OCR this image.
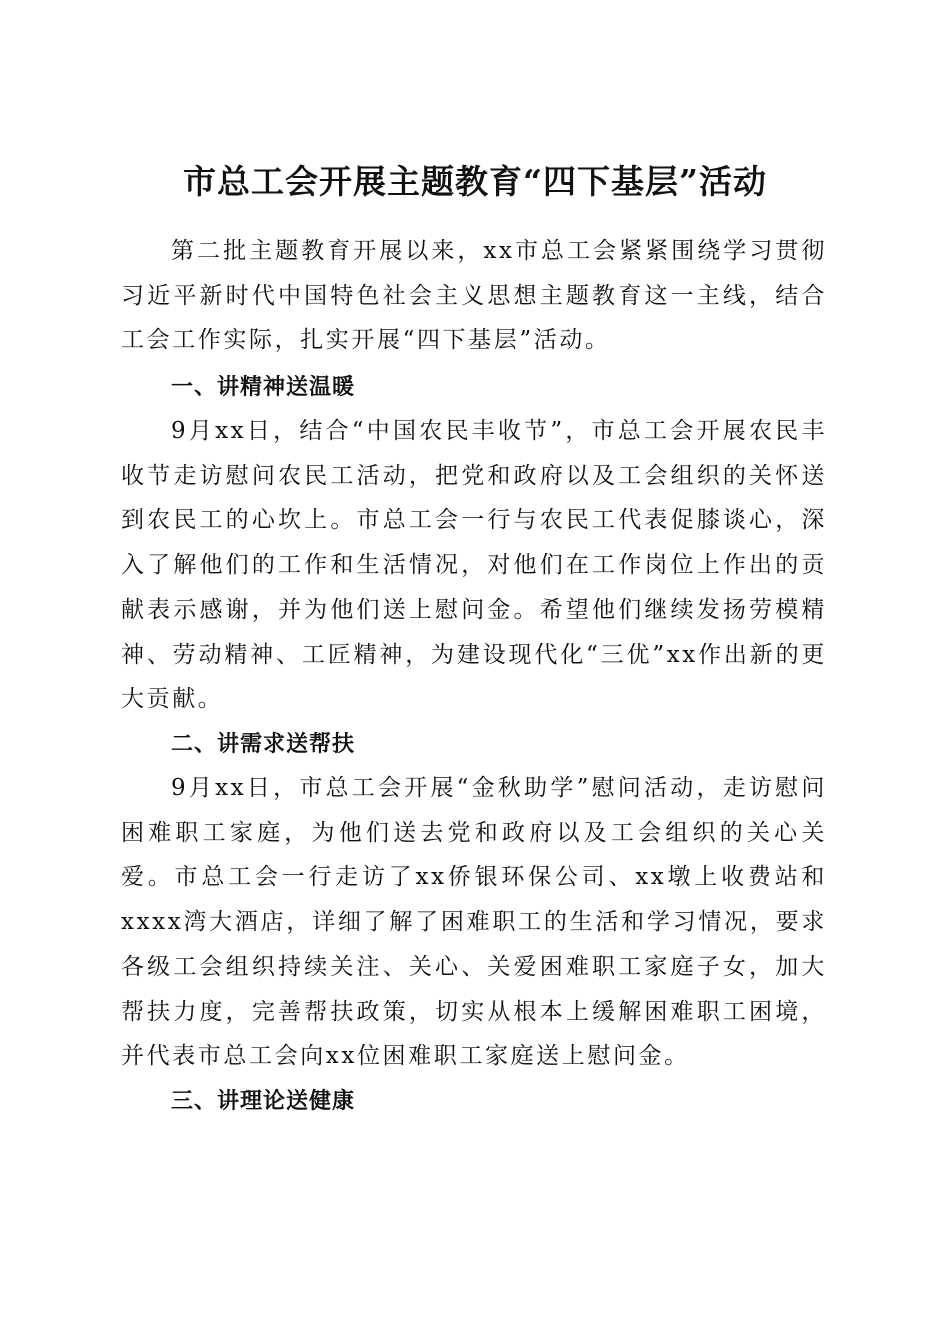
市总工会开展主题教育“四下基层”活动

第二批主题教育开展以来，xx市总工会紧紧围绕学习贯彻习近平新时代中国特色社会主义思想主题教育这一主线，结合工会工作实际，扎实开展“四下基层”活动。

一、讲精神送温暖

9月xx日，结合“中国农民丰收节”，市总工会开展农民丰收节走访慰问农民工活动，把党和政府以及工会组织的关怀送到农民工的心坎上。市总工会一行与农民工代表促膝谈心，深入了解他们的工作和生活情况，对他们在工作岗位上作出的贡献表示感谢，并为他们送上慰问金。希望他们继续发扬劳模精神、劳动精神、工匠精神，为建设现代化“三优”xx作出新的更大贡献。

二、讲需求送帮扶

9月xx日，市总工会开展“金秋助学”慰问活动，走访慰问困难职工家庭，为他们送去党和政府以及工会组织的关心关爱。市总工会一行走访了xx侨银环保公司、xx墩上收费站和xxxx湾大酒店，详细了解了困难职工的生活和学习情况，要求各级工会组织持续关注、关心、关爱困难职工家庭子女，加大帮扶力度，完善帮扶政策，切实从根本上缓解困难职工困境，并代表市总工会向xx位困难职工家庭送上慰问金。

三、讲理论送健康
